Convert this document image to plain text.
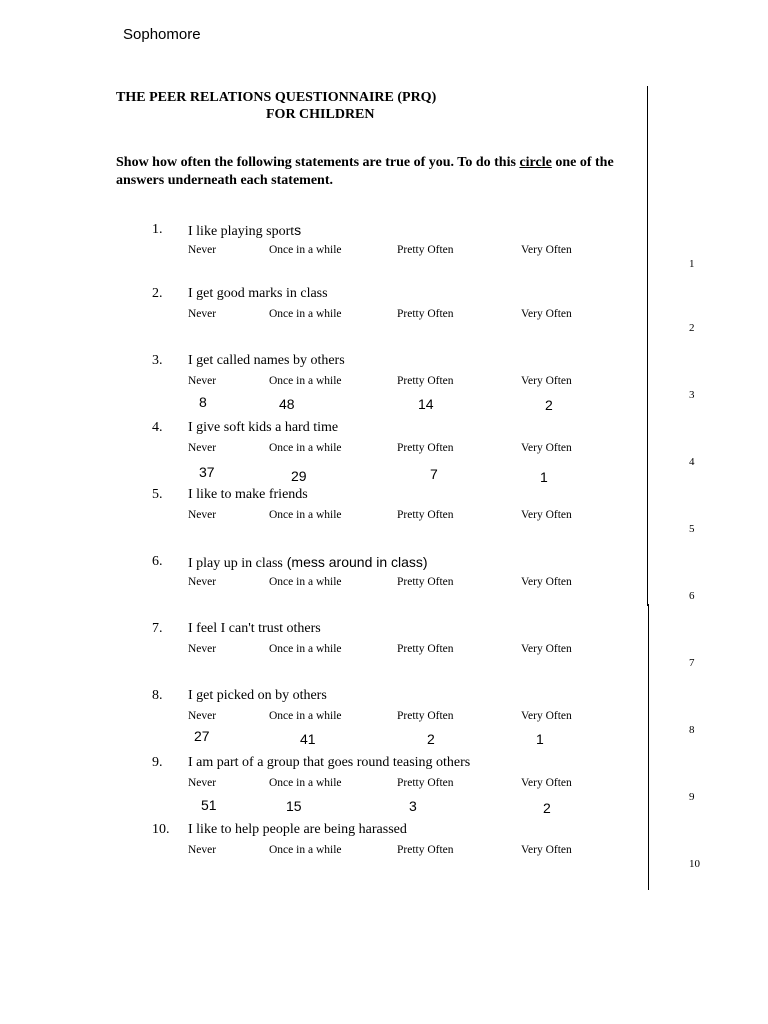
Sophomore
THE PEER RELATIONS QUESTIONNAIRE (PRQ)
FOR CHILDREN
Show how often the following statements are true of you. To do this circle one of the answers underneath each statement.
1. I like playing sports
Never	Once in a while	Pretty Often	Very Often
1
2. I get good marks in class
Never	Once in a while	Pretty Often	Very Often
2
3. I get called names by others
Never	Once in a while	Pretty Often	Very Often
8	48	14	2
3
4. I give soft kids a hard time
Never	Once in a while	Pretty Often	Very Often
37	29	7	1
4
5. I like to make friends
Never	Once in a while	Pretty Often	Very Often
5
6. I play up in class (mess around in class)
Never	Once in a while	Pretty Often	Very Often
6
7. I feel I can't trust others
Never	Once in a while	Pretty Often	Very Often
7
8. I get picked on by others
Never	Once in a while	Pretty Often	Very Often
27	41	2	1
8
9. I am part of a group that goes round teasing others
Never	Once in a while	Pretty Often	Very Often
51	15	3	2
9
10. I like to help people are being harassed
Never	Once in a while	Pretty Often	Very Often
10
